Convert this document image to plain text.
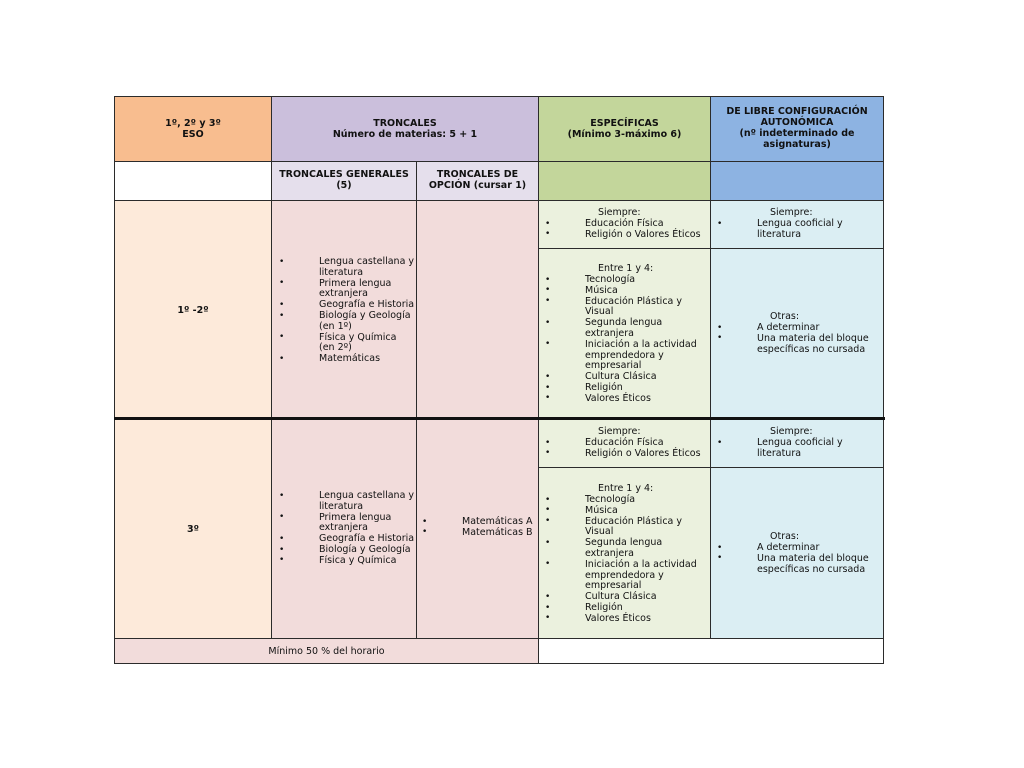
1º, 2º y 3º
ESO
TRONCALES
Número de materias: 5 + 1
ESPECÍFICAS
(Mínimo 3-máximo 6)
DE LIBRE CONFIGURACIÓN
AUTONÓMICA
(nº indeterminado de
asignaturas)
TRONCALES GENERALES
(5)
TRONCALES DE
OPCIÓN (cursar 1)
1º -2º
3º
Mínimo 50 % del horario
Lengua castellana y
•
literatura
Primera lengua
•
extranjera
Geografía e Historia
•
Biología y Geología
•
(en 1º)
Física y Química
•
(en 2º)
Matemáticas
•
Siempre:
Educación Física
•
Religión o Valores Éticos
•
Entre 1 y 4:
Tecnología
•
Música
•
Educación Plástica y
•
Visual
Segunda lengua
•
extranjera
Iniciación a la actividad
•
emprendedora y
empresarial
Cultura Clásica
•
Religión
•
Valores Éticos
•
Siempre:
Lengua cooficial y
•
literatura
Otras:
A determinar
•
Una materia del bloque
•
específicas no cursada
Lengua castellana y
•
literatura
Primera lengua
•
extranjera
Geografía e Historia
•
Biología y Geología
•
Física y Química
•
Matemáticas A
•
Matemáticas B
•
Siempre:
Educación Física
•
Religión o Valores Éticos
•
Entre 1 y 4:
Tecnología
•
Música
•
Educación Plástica y
•
Visual
Segunda lengua
•
extranjera
Iniciación a la actividad
•
emprendedora y
empresarial
Cultura Clásica
•
Religión
•
Valores Éticos
•
Siempre:
Lengua cooficial y
•
literatura
Otras:
A determinar
•
Una materia del bloque
•
específicas no cursada
